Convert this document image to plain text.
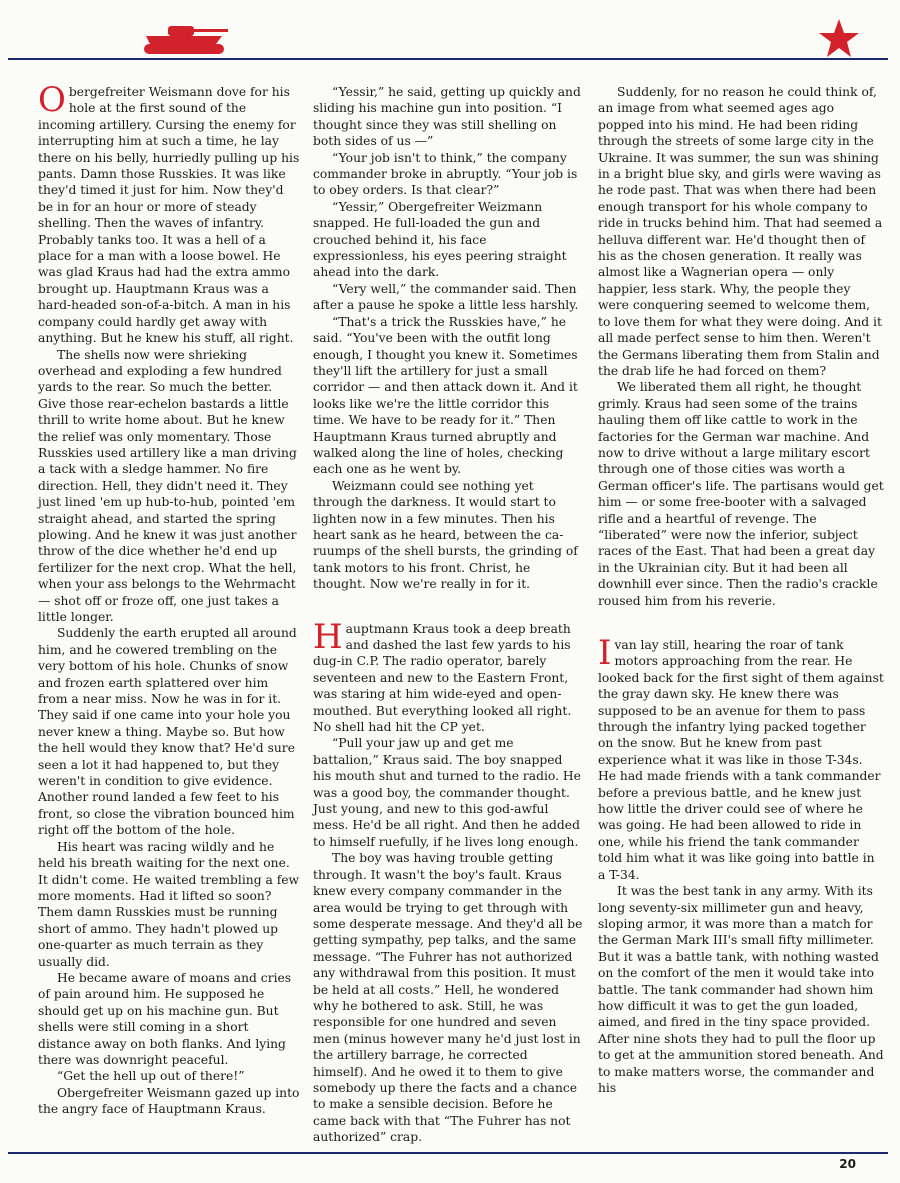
Obergefreiter Weismann dove for his hole at the first sound of the incoming artillery. Cursing the enemy for interrupting him at such a time, he lay there on his belly, hurriedly pulling up his pants. Damn those Russkies. It was like they'd timed it just for him. Now they'd be in for an hour or more of steady shelling. Then the waves of infantry. Probably tanks too. It was a hell of a place for a man with a loose bowel. He was glad Kraus had had the extra ammo brought up. Hauptmann Kraus was a hard-headed son-of-a-bitch. A man in his company could hardly get away with anything. But he knew his stuff, all right.

The shells now were shrieking overhead and exploding a few hundred yards to the rear. So much the better. Give those rear-echelon bastards a little thrill to write home about. But he knew the relief was only momentary. Those Russkies used artillery like a man driving a tack with a sledge hammer. No fire direction. Hell, they didn't need it. They just lined 'em up hub-to-hub, pointed 'em straight ahead, and started the spring plowing. And he knew it was just another throw of the dice whether he'd end up fertilizer for the next crop. What the hell, when your ass belongs to the Wehrmacht — shot off or froze off, one just takes a little longer.

Suddenly the earth erupted all around him, and he cowered trembling on the very bottom of his hole. Chunks of snow and frozen earth splattered over him from a near miss. Now he was in for it. They said if one came into your hole you never knew a thing. Maybe so. But how the hell would they know that? He'd sure seen a lot it had happened to, but they weren't in condition to give evidence. Another round landed a few feet to his front, so close the vibration bounced him right off the bottom of the hole.

His heart was racing wildly and he held his breath waiting for the next one. It didn't come. He waited trembling a few more moments. Had it lifted so soon? Them damn Russkies must be running short of ammo. They hadn't plowed up one-quarter as much terrain as they usually did.

He became aware of moans and cries of pain around him. He supposed he should get up on his machine gun. But shells were still coming in a short distance away on both flanks. And lying there was downright peaceful.

“Get the hell up out of there!”

Obergefreiter Weismann gazed up into the angry face of Hauptmann Kraus.

“Yessir,” he said, getting up quickly and sliding his machine gun into position. “I thought since they was still shelling on both sides of us —”

“Your job isn't to think,” the company commander broke in abruptly. “Your job is to obey orders. Is that clear?”

“Yessir,” Obergefreiter Weizmann snapped. He full-loaded the gun and crouched behind it, his face expressionless, his eyes peering straight ahead into the dark.

“Very well,” the commander said. Then after a pause he spoke a little less harshly.

“That's a trick the Russkies have,” he said. “You've been with the outfit long enough, I thought you knew it. Sometimes they'll lift the artillery for just a small corridor — and then attack down it. And it looks like we're the little corridor this time. We have to be ready for it.” Then Hauptmann Kraus turned abruptly and walked along the line of holes, checking each one as he went by.

Weizmann could see nothing yet through the darkness. It would start to lighten now in a few minutes. Then his heart sank as he heard, between the ca-ruumps of the shell bursts, the grinding of tank motors to his front. Christ, he thought. Now we're really in for it.

Hauptmann Kraus took a deep breath and dashed the last few yards to his dug-in C.P. The radio operator, barely seventeen and new to the Eastern Front, was staring at him wide-eyed and open-mouthed. But everything looked all right. No shell had hit the CP yet.

“Pull your jaw up and get me battalion,” Kraus said. The boy snapped his mouth shut and turned to the radio. He was a good boy, the commander thought. Just young, and new to this god-awful mess. He'd be all right. And then he added to himself ruefully, if he lives long enough.

The boy was having trouble getting through. It wasn't the boy's fault. Kraus knew every company commander in the area would be trying to get through with some desperate message. And they'd all be getting sympathy, pep talks, and the same message. “The Fuhrer has not authorized any withdrawal from this position. It must be held at all costs.” Hell, he wondered why he bothered to ask. Still, he was responsible for one hundred and seven men (minus however many he'd just lost in the artillery barrage, he corrected himself). And he owed it to them to give somebody up there the facts and a chance to make a sensible decision. Before he came back with that “The Fuhrer has not authorized” crap.

Suddenly, for no reason he could think of, an image from what seemed ages ago popped into his mind. He had been riding through the streets of some large city in the Ukraine. It was summer, the sun was shining in a bright blue sky, and girls were waving as he rode past. That was when there had been enough transport for his whole company to ride in trucks behind him. That had seemed a helluva different war. He'd thought then of his as the chosen generation. It really was almost like a Wagnerian opera — only happier, less stark. Why, the people they were conquering seemed to welcome them, to love them for what they were doing. And it all made perfect sense to him then. Weren't the Germans liberating them from Stalin and the drab life he had forced on them?

We liberated them all right, he thought grimly. Kraus had seen some of the trains hauling them off like cattle to work in the factories for the German war machine. And now to drive without a large military escort through one of those cities was worth a German officer's life. The partisans would get him — or some free-booter with a salvaged rifle and a heartful of revenge. The “liberated” were now the inferior, subject races of the East. That had been a great day in the Ukrainian city. But it had been all downhill ever since. Then the radio's crackle roused him from his reverie.

Ivan lay still, hearing the roar of tank motors approaching from the rear. He looked back for the first sight of them against the gray dawn sky. He knew there was supposed to be an avenue for them to pass through the infantry lying packed together on the snow. But he knew from past experience what it was like in those T-34s. He had made friends with a tank commander before a previous battle, and he knew just how little the driver could see of where he was going. He had been allowed to ride in one, while his friend the tank commander told him what it was like going into battle in a T-34.

It was the best tank in any army. With its long seventy-six millimeter gun and heavy, sloping armor, it was more than a match for the German Mark III's small fifty millimeter. But it was a battle tank, with nothing wasted on the comfort of the men it would take into battle. The tank commander had shown him how difficult it was to get the gun loaded, aimed, and fired in the tiny space provided. After nine shots they had to pull the floor up to get at the ammunition stored beneath. And to make matters worse, the commander and his

20
